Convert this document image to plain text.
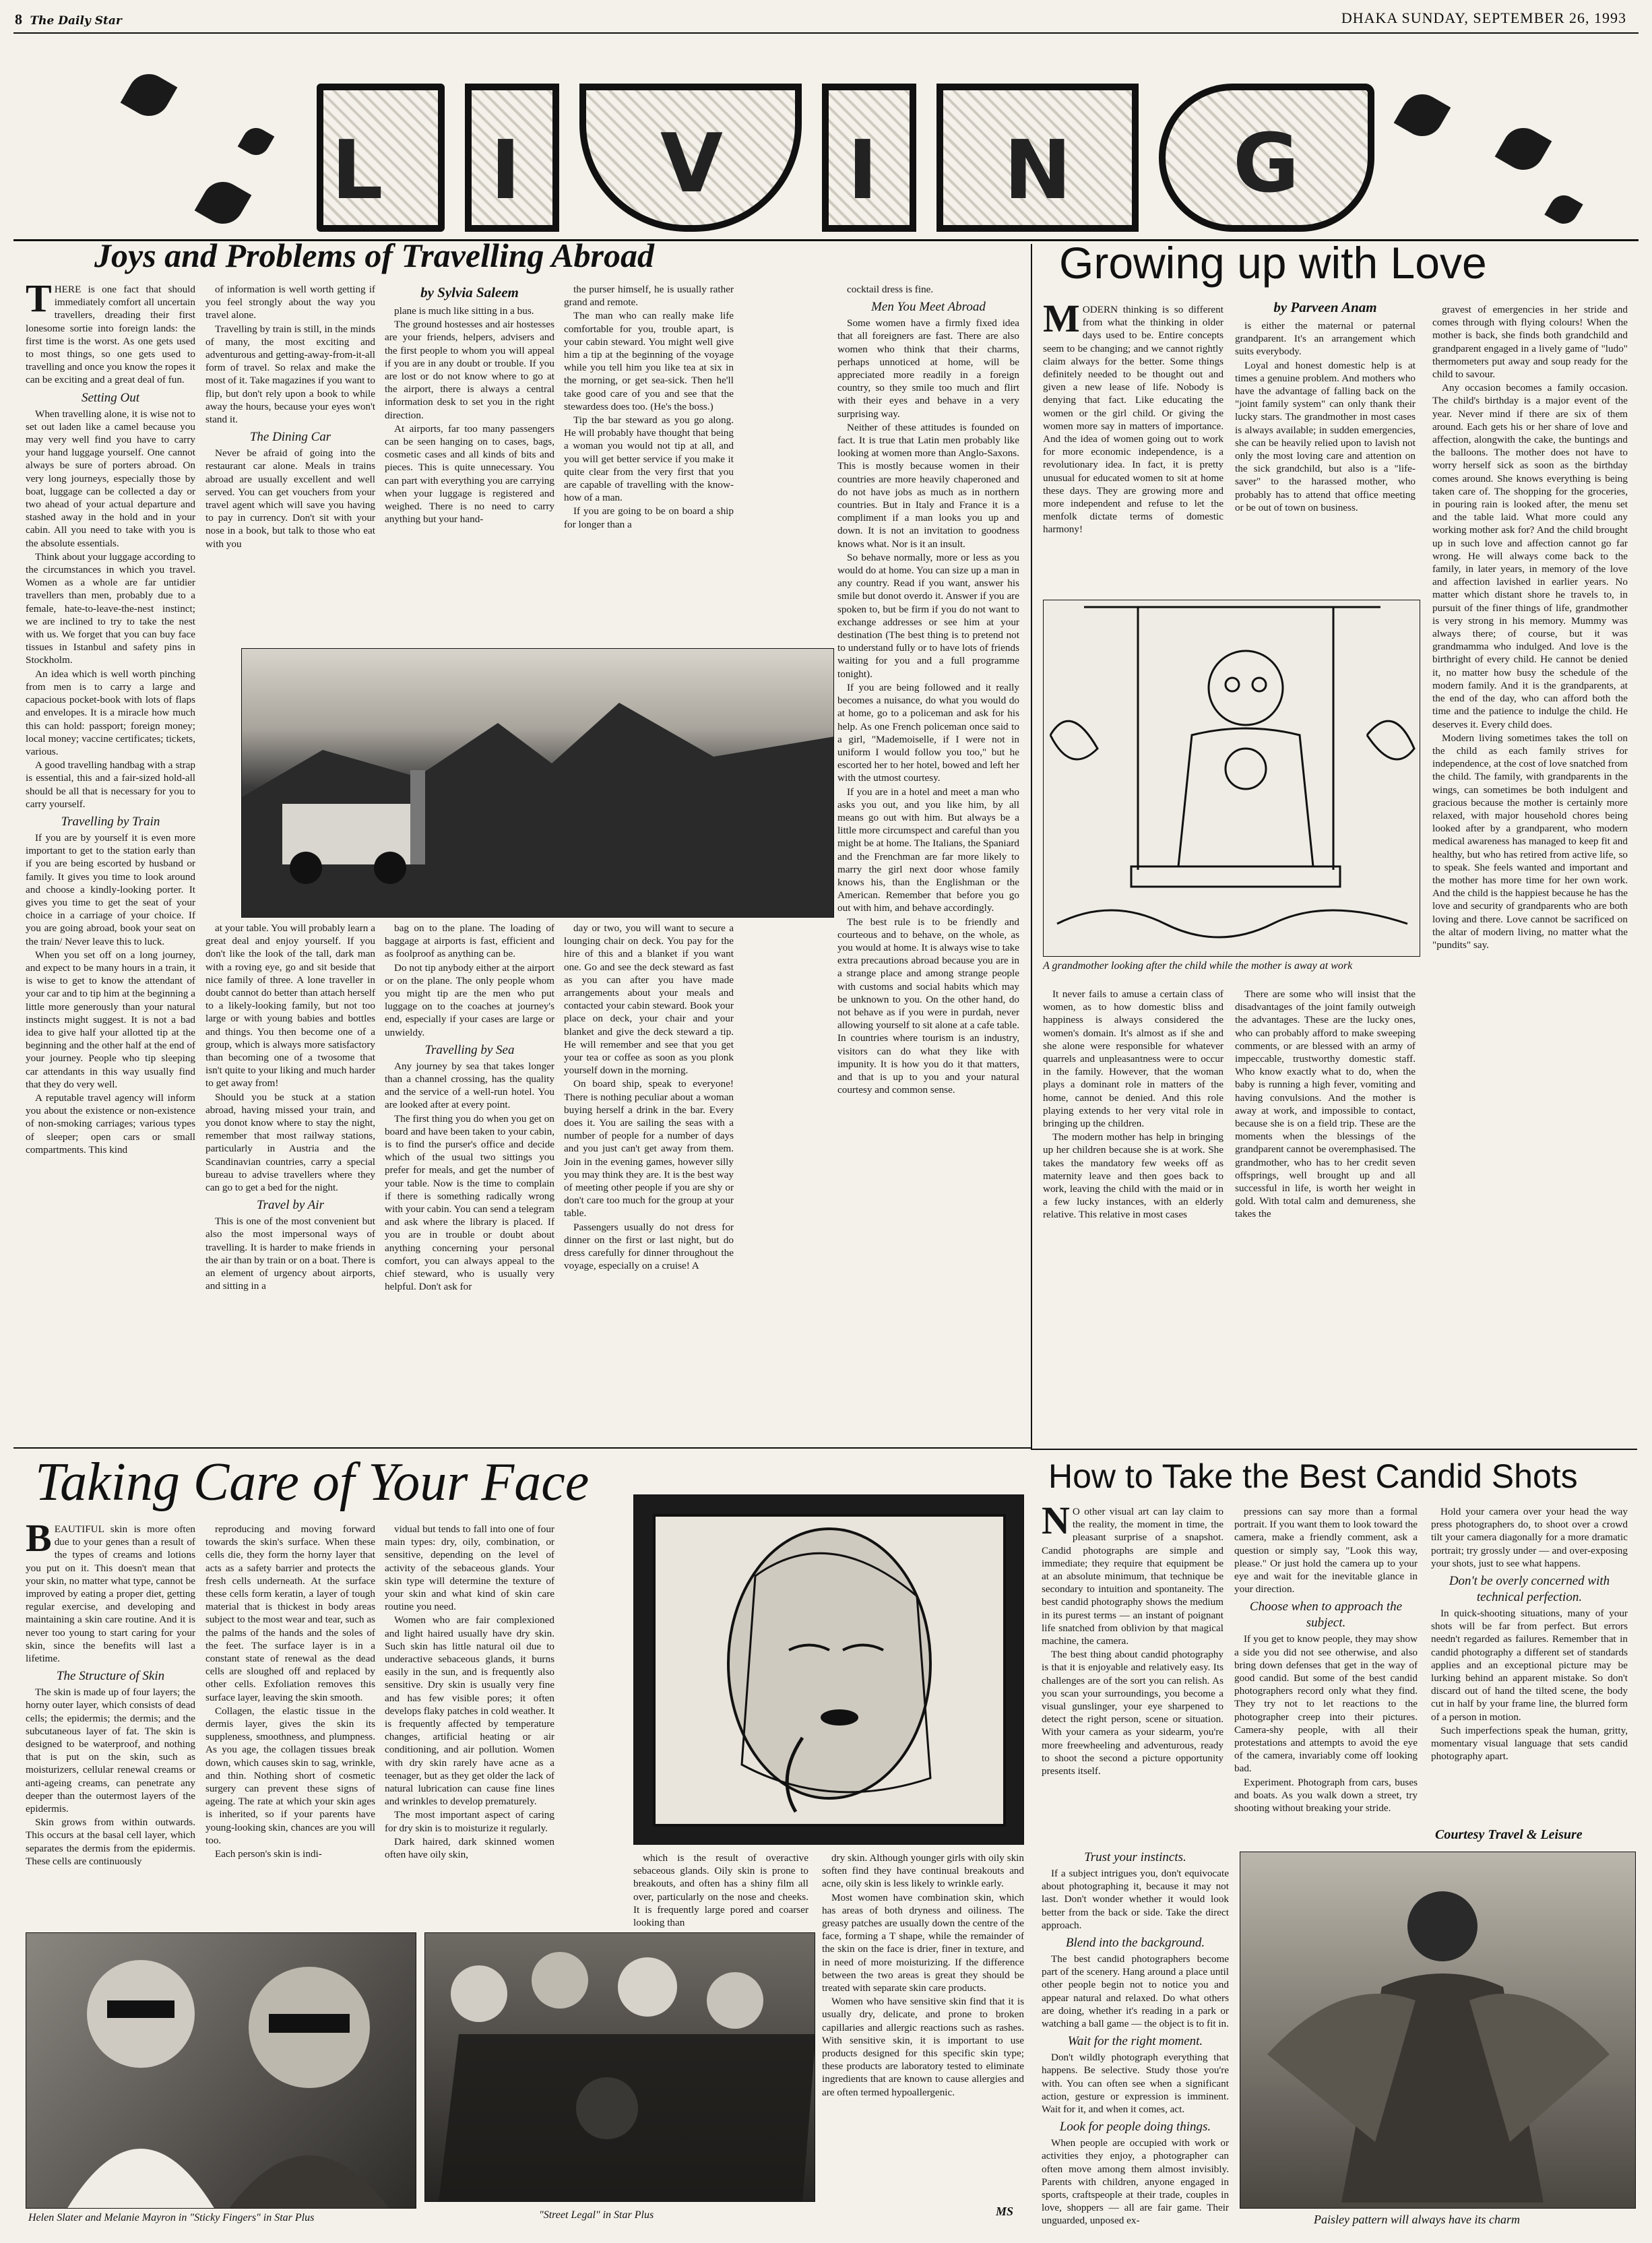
8 The Daily Star	DHAKA SUNDAY, SEPTEMBER 26, 1993
L I V I N G
Joys and Problems of Travelling Abroad
T HERE is one fact that should immediately comfort all uncertain travellers, dreading their first lonesome sortie into foreign lands: the first time is the worst. As one gets used to most things, so one gets used to travelling and once you know the ropes it can be exciting and a great deal of fun.

Setting Out

When travelling alone, it is wise not to set out laden like a camel because you may very well find you have to carry your hand luggage yourself. One cannot always be sure of porters abroad. On very long journeys, especially those by boat, luggage can be collected a day or two ahead of your actual departure and stashed away in the hold and in your cabin. All you need to take with you is the absolute essentials.

Think about your luggage according to the circumstances in which you travel. Women as a whole are far untidier travellers than men, probably due to a female, hate-to-leave-the-nest instinct; we are inclined to try to take the nest with us. We forget that you can buy face tissues in Istanbul and safety pins in Stockholm.

An idea which is well worth pinching from men is to carry a large and capacious pocket-book with lots of flaps and envelopes. It is a miracle how much this can hold: passport; foreign money; local money; vaccine certificates; tickets, various.

A good travelling handbag with a strap is essential, this and a fair-sized hold-all should be all that is necessary for you to carry yourself.

Travelling by Train

If you are by yourself it is even more important to get to the station early than if you are being escorted by husband or family. It gives you time to look around and choose a kindly-looking porter. It gives you time to get the seat of your choice in a carriage of your choice. If you are going abroad, book your seat on the train/ Never leave this to luck.

When you set off on a long journey, and expect to be many hours in a train, it is wise to get to know the attendant of your car and to tip him at the beginning a little more generously than your natural instincts might suggest. It is not a bad idea to give half your allotted tip at the beginning and the other half at the end of your journey. People who tip sleeping car attendants in this way usually find that they do very well.

A reputable travel agency will inform you about the existence or non-existence of non-smoking carriages; various types of sleeper; open cars or small compartments. This kind

of information is well worth getting if you feel strongly about the way you travel alone.

Travelling by train is still, in the minds of many, the most exciting and adventurous and getting-away-from-it-all form of travel. So relax and make the most of it. Take magazines if you want to flip, but don't rely upon a book to while away the hours, because your eyes won't stand it.

The Dining Car

Never be afraid of going into the restaurant car alone. Meals in trains abroad are usually excellent and well served. You can get vouchers from your travel agent which will save you having to pay in currency. Don't sit with your nose in a book, but talk to those who eat with you

by Sylvia Saleem

plane is much like sitting in a bus.

The ground hostesses and air hostesses are your friends, helpers, advisers and the first people to whom you will appeal if you are in any doubt or trouble. If you are lost or do not know where to go at the airport, there is always a central information desk to set you in the right direction.

At airports, far too many passengers can be seen hanging on to cases, bags, cosmetic cases and all kinds of bits and pieces. This is quite unnecessary. You can part with everything you are carrying when your luggage is registered and weighed. There is no need to carry anything but your hand-

the purser himself, he is usually rather grand and remote.

The man who can really make life comfortable for you, trouble apart, is your cabin steward. You might well give him a tip at the beginning of the voyage while you tell him you like tea at six in the morning, or get sea-sick. Then he'll take good care of you and see that the stewardess does too. (He's the boss.)

Tip the bar steward as you go along. He will probably have thought that being a woman you would not tip at all, and you will get better service if you make it quite clear from the very first that you are capable of travelling with the know-how of a man.

If you are going to be on board a ship for longer than a

cocktail dress is fine.

Men You Meet Abroad

Some women have a firmly fixed idea that all foreigners are fast. There are also women who think that their charms, perhaps unnoticed at home, will be appreciated more readily in a foreign country, so they smile too much and flirt with their eyes and behave in a very surprising way.

Neither of these attitudes is founded on fact. It is true that Latin men probably like looking at women more than Anglo-Saxons. This is mostly because women in their countries are more heavily chaperoned and do not have jobs as much as in northern countries. But in Italy and France it is a compliment if a man looks you up and down. It is not an invitation to goodness knows what. Nor is it an insult.

So behave normally, more or less as you would do at home. You can size up a man in any country. Read if you want, answer his smile but donot overdo it. Answer if you are spoken to, but be firm if you do not want to exchange addresses or see him at your destination (The best thing is to pretend not to understand fully or to have lots of friends waiting for you and a full programme tonight).

If you are being followed and it really becomes a nuisance, do what you would do at home, go to a policeman and ask for his help. As one French policeman once said to a girl, "Mademoiselle, if I were not in uniform I would follow you too," but he escorted her to her hotel, bowed and left her with the utmost courtesy.

If you are in a hotel and meet a man who asks you out, and you like him, by all means go out with him. But always be a little more circumspect and careful than you might be at home. The Italians, the Spaniard and the Frenchman are far more likely to marry the girl next door whose family knows his, than the Englishman or the American. Remember that before you go out with him, and behave accordingly.

The best rule is to be friendly and courteous and to behave, on the whole, as you would at home. It is always wise to take extra precautions abroad because you are in a strange place and among strange people with customs and social habits which may be unknown to you. On the other hand, do not behave as if you were in purdah, never allowing yourself to sit alone at a cafe table. In countries where tourism is an industry, visitors can do what they like with impunity. It is how you do it that matters, and that is up to you and your natural courtesy and common sense.

at your table. You will probably learn a great deal and enjoy yourself. If you don't like the look of the tall, dark man with a roving eye, go and sit beside that nice family of three. A lone traveller in doubt cannot do better than attach herself to a likely-looking family, but not too large or with young babies and bottles and things. You then become one of a group, which is always more satisfactory than becoming one of a twosome that isn't quite to your liking and much harder to get away from!

Should you be stuck at a station abroad, having missed your train, and you donot know where to stay the night, remember that most railway stations, particularly in Austria and the Scandinavian countries, carry a special bureau to advise travellers where they can go to get a bed for the night.

Travel by Air

This is one of the most convenient but also the most impersonal ways of travelling. It is harder to make friends in the air than by train or on a boat. There is an element of urgency about airports, and sitting in a

bag on to the plane. The loading of baggage at airports is fast, efficient and as foolproof as anything can be.

Do not tip anybody either at the airport or on the plane. The only people whom you might tip are the men who put luggage on to the coaches at journey's end, especially if your cases are large or unwieldy.

Travelling by Sea

Any journey by sea that takes longer than a channel crossing, has the quality and the service of a well-run hotel. You are looked after at every point.

The first thing you do when you get on board and have been taken to your cabin, is to find the purser's office and decide which of the usual two sittings you prefer for meals, and get the number of your table. Now is the time to complain if there is something radically wrong with your cabin. You can send a telegram and ask where the library is placed. If you are in trouble or doubt about anything concerning your personal comfort, you can always appeal to the chief steward, who is usually very helpful. Don't ask for

day or two, you will want to secure a lounging chair on deck. You pay for the hire of this and a blanket if you want one. Go and see the deck steward as fast as you can after you have made arrangements about your meals and contacted your cabin steward. Book your place on deck, your chair and your blanket and give the deck steward a tip. He will remember and see that you get your tea or coffee as soon as you plonk yourself down in the morning.

On board ship, speak to everyone! There is nothing peculiar about a woman buying herself a drink in the bar. Every does it. You are sailing the seas with a number of people for a number of days and you just can't get away from them. Join in the evening games, however silly you may think they are. It is the best way of meeting other people if you are shy or don't care too much for the group at your table.

Passengers usually do not dress for dinner on the first or last night, but do dress carefully for dinner throughout the voyage, especially on a cruise! A

Growing up with Love
M ODERN thinking is so different from what the thinking in older days used to be. Entire concepts seem to be changing; and we cannot rightly claim always for the better. Some things definitely needed to be thought out and given a new lease of life. Nobody is denying that fact. Like educating the women or the girl child. Or giving the women more say in matters of importance. And the idea of women going out to work for more economic independence, is a revolutionary idea. In fact, it is pretty unusual for educated women to sit at home these days. They are growing more and more independent and refuse to let the menfolk dictate terms of domestic harmony!

by Parveen Anam

is either the maternal or paternal grandparent. It's an arrangement which suits everybody.

Loyal and honest domestic help is at times a genuine problem. And mothers who have the advantage of falling back on the "joint family system" can only thank their lucky stars. The grandmother in most cases is always available; in sudden emergencies, she can be heavily relied upon to lavish not only the most loving care and attention on the sick grandchild, but also is a "life-saver" to the harassed mother, who probably has to attend that office meeting or be out of town on business.

gravest of emergencies in her stride and comes through with flying colours! When the mother is back, she finds both grandchild and grandparent engaged in a lively game of "ludo" thermometers put away and soup ready for the child to savour.

Any occasion becomes a family occasion. The child's birthday is a major event of the year. Never mind if there are six of them around. Each gets his or her share of love and affection, alongwith the cake, the buntings and the balloons. The mother does not have to worry herself sick as soon as the birthday comes around. She knows everything is being taken care of. The shopping for the groceries, in pouring rain is looked after, the menu set and the table laid. What more could any working mother ask for? And the child brought up in such love and affection cannot go far wrong. He will always come back to the family, in later years, in memory of the love and affection lavished in earlier years. No matter which distant shore he travels to, in pursuit of the finer things of life, grandmother is very strong in his memory. Mummy was always there; of course, but it was grandmamma who indulged. And love is the birthright of every child. He cannot be denied it, no matter how busy the schedule of the modern family. And it is the grandparents, at the end of the day, who can afford both the time and the patience to indulge the child. He deserves it. Every child does.

Modern living sometimes takes the toll on the child as each family strives for independence, at the cost of love snatched from the child. The family, with grandparents in the wings, can sometimes be both indulgent and gracious because the mother is certainly more relaxed, with major household chores being looked after by a grandparent, who modern medical awareness has managed to keep fit and healthy, but who has retired from active life, so to speak. She feels wanted and important and the mother has more time for her own work. And the child is the happiest because he has the love and security of grandparents who are both loving and there. Love cannot be sacrificed on the altar of modern living, no matter what the "pundits" say.

A grandmother looking after the child while the mother is away at work

It never fails to amuse a certain class of women, as to how domestic bliss and happiness is always considered the women's domain. It's almost as if she and she alone were responsible for whatever quarrels and unpleasantness were to occur in the family. However, that the woman plays a dominant role in matters of the home, cannot be denied. And this role playing extends to her very vital role in bringing up the children.

The modern mother has help in bringing up her children because she is at work. She takes the mandatory few weeks off as maternity leave and then goes back to work, leaving the child with the maid or in a few lucky instances, with an elderly relative. This relative in most cases

There are some who will insist that the disadvantages of the joint family outweigh the advantages. These are the lucky ones, who can probably afford to make sweeping comments, or are blessed with an army of impeccable, trustworthy domestic staff. Who know exactly what to do, when the baby is running a high fever, vomiting and having convulsions. And the mother is away at work, and impossible to contact, because she is on a field trip. These are the moments when the blessings of the grandparent cannot be overemphasised. The grandmother, who has to her credit seven offsprings, well brought up and all successful in life, is worth her weight in gold. With total calm and demureness, she takes the

How to Take the Best Candid Shots
N O other visual art can lay claim to the reality, the moment in time, the pleasant surprise of a snapshot. Candid photographs are simple and immediate; they require that equipment be at an absolute minimum, that technique be secondary to intuition and spontaneity. The best candid photography shows the medium in its purest terms — an instant of poignant life snatched from oblivion by that magical machine, the camera.

The best thing about candid photography is that it is enjoyable and relatively easy. Its challenges are of the sort you can relish. As you scan your surroundings, you become a visual gunslinger, your eye sharpened to detect the right person, scene or situation. With your camera as your sidearm, you're more freewheeling and adventurous, ready to shoot the second a picture opportunity presents itself.

pressions can say more than a formal portrait. If you want them to look toward the camera, make a friendly comment, ask a question or simply say, "Look this way, please." Or just hold the camera up to your eye and wait for the inevitable glance in your direction.

Choose when to approach the subject.

If you get to know people, they may show a side you did not see otherwise, and also bring down defenses that get in the way of good candid. But some of the best candid photographers record only what they find. They try not to let reactions to the photographer creep into their pictures. Camera-shy people, with all their protestations and attempts to avoid the eye of the camera, invariably come off looking bad.

Experiment. Photograph from cars, buses and boats. As you walk down a street, try shooting without breaking your stride.

Hold your camera over your head the way press photographers do, to shoot over a crowd tilt your camera diagonally for a more dramatic portrait; try grossly under — and over-exposing your shots, just to see what happens.

Don't be overly concerned with technical perfection.

In quick-shooting situations, many of your shots will be far from perfect. But errors needn't regarded as failures. Remember that in candid photography a different set of standards applies and an exceptional picture may be lurking behind an apparent mistake. So don't discard out of hand the tilted scene, the body cut in half by your frame line, the blurred form of a person in motion.

Such imperfections speak the human, gritty, momentary visual language that sets candid photography apart.

Courtesy Travel & Leisure
Trust your instincts.

If a subject intrigues you, don't equivocate about photographing it, because it may not last. Don't wonder whether it would look better from the back or side. Take the direct approach.

Blend into the background.

The best candid photographers become part of the scenery. Hang around a place until other people begin not to notice you and appear natural and relaxed. Do what others are doing, whether it's reading in a park or watching a ball game — the object is to fit in.

Wait for the right moment.

Don't wildly photograph everything that happens. Be selective. Study those you're with. You can often see when a significant action, gesture or expression is imminent. Wait for it, and when it comes, act.

Look for people doing things.

When people are occupied with work or activities they enjoy, a photographer can often move among them almost invisibly. Parents with children, anyone engaged in sports, craftspeople at their trade, couples in love, shoppers — all are fair game. Their unguarded, unposed ex-	Paisley pattern will always have its charm
Taking Care of Your Face
B EAUTIFUL skin is more often due to your genes than a result of the types of creams and lotions you put on it. This doesn't mean that your skin, no matter what type, cannot be improved by eating a proper diet, getting regular exercise, and developing and maintaining a skin care routine. And it is never too young to start caring for your skin, since the benefits will last a lifetime.

The Structure of Skin

The skin is made up of four layers; the horny outer layer, which consists of dead cells; the epidermis; the dermis; and the subcutaneous layer of fat. The skin is designed to be waterproof, and nothing that is put on the skin, such as moisturizers, cellular renewal creams or anti-ageing creams, can penetrate any deeper than the outermost layers of the epidermis.

Skin grows from within outwards. This occurs at the basal cell layer, which separates the dermis from the epidermis. These cells are continuously

reproducing and moving forward towards the skin's surface. When these cells die, they form the horny layer that acts as a safety barrier and protects the fresh cells underneath. At the surface these cells form keratin, a layer of tough material that is thickest in body areas subject to the most wear and tear, such as the palms of the hands and the soles of the feet. The surface layer is in a constant state of renewal as the dead cells are sloughed off and replaced by other cells. Exfoliation removes this surface layer, leaving the skin smooth.

Collagen, the elastic tissue in the dermis layer, gives the skin its suppleness, smoothness, and plumpness. As you age, the collagen tissues break down, which causes skin to sag, wrinkle, and thin. Nothing short of cosmetic surgery can prevent these signs of ageing. The rate at which your skin ages is inherited, so if your parents have young-looking skin, chances are you will too.

Each person's skin is indi-

vidual but tends to fall into one of four main types: dry, oily, combination, or sensitive, depending on the level of activity of the sebaceous glands. Your skin type will determine the texture of your skin and what kind of skin care routine you need.

Women who are fair complexioned and light haired usually have dry skin. Such skin has little natural oil due to underactive sebaceous glands, it burns easily in the sun, and is frequently also sensitive. Dry skin is usually very fine and has few visible pores; it often develops flaky patches in cold weather. It is frequently affected by temperature changes, artificial heating or air conditioning, and air pollution. Women with dry skin rarely have acne as a teenager, but as they get older the lack of natural lubrication can cause fine lines and wrinkles to develop prematurely.

The most important aspect of caring for dry skin is to moisturize it regularly.

Dark haired, dark skinned women often have oily skin,	which is the result of overactive sebaceous glands. Oily skin is prone to breakouts, and often has a shiny film all over, particularly on the nose and cheeks. It is frequently large pored and coarser looking than

dry skin. Although younger girls with oily skin soften find they have continual breakouts and acne, oily skin is less likely to wrinkle early.

Most women have combination skin, which has areas of both dryness and oiliness. The greasy patches are usually down the centre of the face, forming a T shape, while the remainder of the skin on the face is drier, finer in texture, and in need of more moisturizing. If the difference between the two areas is great they should be treated with separate skin care products.

Women who have sensitive skin find that it is usually dry, delicate, and prone to broken capillaries and allergic reactions such as rashes. With sensitive skin, it is important to use products designed for this specific skin type; these products are laboratory tested to eliminate ingredients that are known to cause allergies and are often termed hypoallergenic.

MS
Helen Slater and Melanie Mayron in "Sticky Fingers" in Star Plus	"Street Legal" in Star Plus
